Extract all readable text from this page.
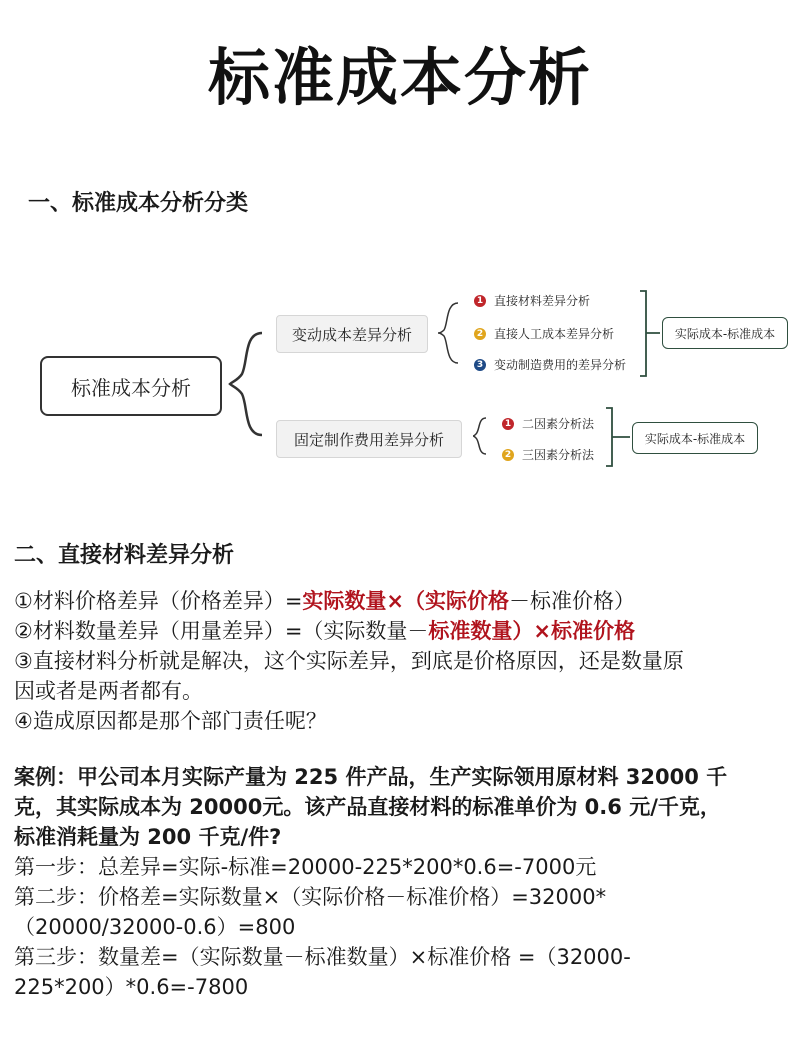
标准成本分析
一、标准成本分析分类
标准成本分析
变动成本差异分析
1 直接材料差异分析
2 直接人工成本差异分析
3 变动制造费用的差异分析
实际成本-标准成本
固定制作费用差异分析
1 二因素分析法
2 三因素分析法
实际成本-标准成本
二、直接材料差异分析
①材料价格差异（价格差异）=实际数量×（实际价格－标准价格）
②材料数量差异（用量差异）=（实际数量－标准数量）×标准价格
③直接材料分析就是解决，这个实际差异，到底是价格原因，还是数量原
因或者是两者都有。
④造成原因都是那个部门责任呢？
案例：甲公司本月实际产量为 225 件产品，生产实际领用原材料 32000 千
克，其实际成本为 20000元。该产品直接材料的标准单价为 0.6 元/千克，
标准消耗量为 200 千克/件?
第一步：总差异=实际-标准=20000-225*200*0.6=-7000元
第二步：价格差=实际数量×（实际价格－标准价格）=32000*
（20000/32000-0.6）=800
第三步：数量差=（实际数量－标准数量）×标准价格 =（32000-
225*200）*0.6=-7800
